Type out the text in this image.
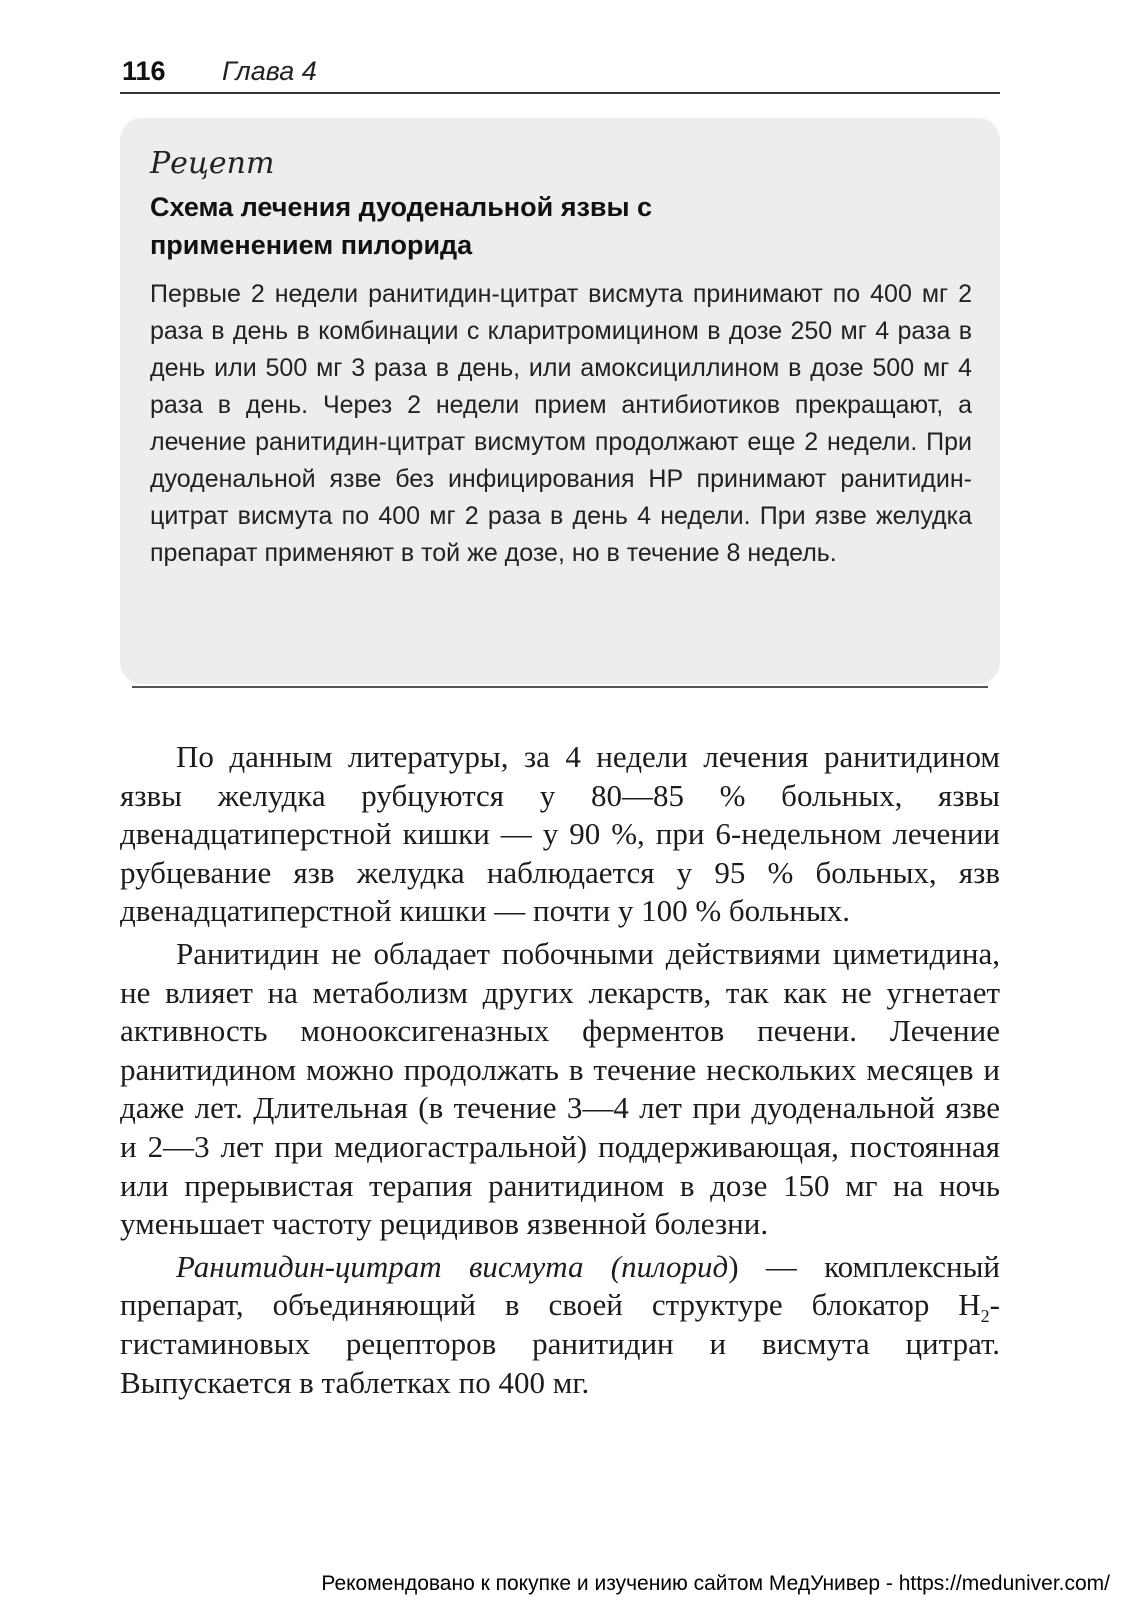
116 Глава 4
Рецепт
Схема лечения дуоденальной язвы с
применением пилорида

Первые 2 недели ранитидин-цитрат висмута принимают по 400 мг 2 раза в день в комбинации с кларитромицином в дозе 250 мг 4 раза в день или 500 мг 3 раза в день, или амоксициллином в дозе 500 мг 4 раза в день. Через 2 недели прием антибиотиков прекращают, а лечение ранитидин-цитрат висмутом продолжают еще 2 недели. При дуоденальной язве без инфицирования HP принимают ранитидин-цитрат висмута по 400 мг 2 раза в день 4 недели. При язве желудка препарат применяют в той же дозе, но в течение 8 недель.

По данным литературы, за 4 недели лечения ранитидином язвы желудка рубцуются у 80—85 % больных, язвы двенадцатиперстной кишки — у 90 %, при 6-недельном лечении рубцевание язв желудка наблюдается у 95 % больных, язв двенадцатиперстной кишки — почти у 100 % больных.

Ранитидин не обладает побочными действиями циметидина, не влияет на метаболизм других лекарств, так как не угнетает активность монооксигеназных ферментов печени. Лечение ранитидином можно продолжать в течение нескольких месяцев и даже лет. Длительная (в течение 3—4 лет при дуоденальной язве и 2—3 лет при медиогастральной) поддерживающая, постоянная или прерывистая терапия ранитидином в дозе 150 мг на ночь уменьшает частоту рецидивов язвенной болезни.

Ранитидин-цитрат висмута (пилорид) — комплексный препарат, объединяющий в своей структуре блокатор $H_2$-гистаминовых рецепторов ранитидин и висмута цитрат. Выпускается в таблетках по 400 мг.

Рекомендовано к покупке и изучению сайтом МедУнивер - https://meduniver.com/
